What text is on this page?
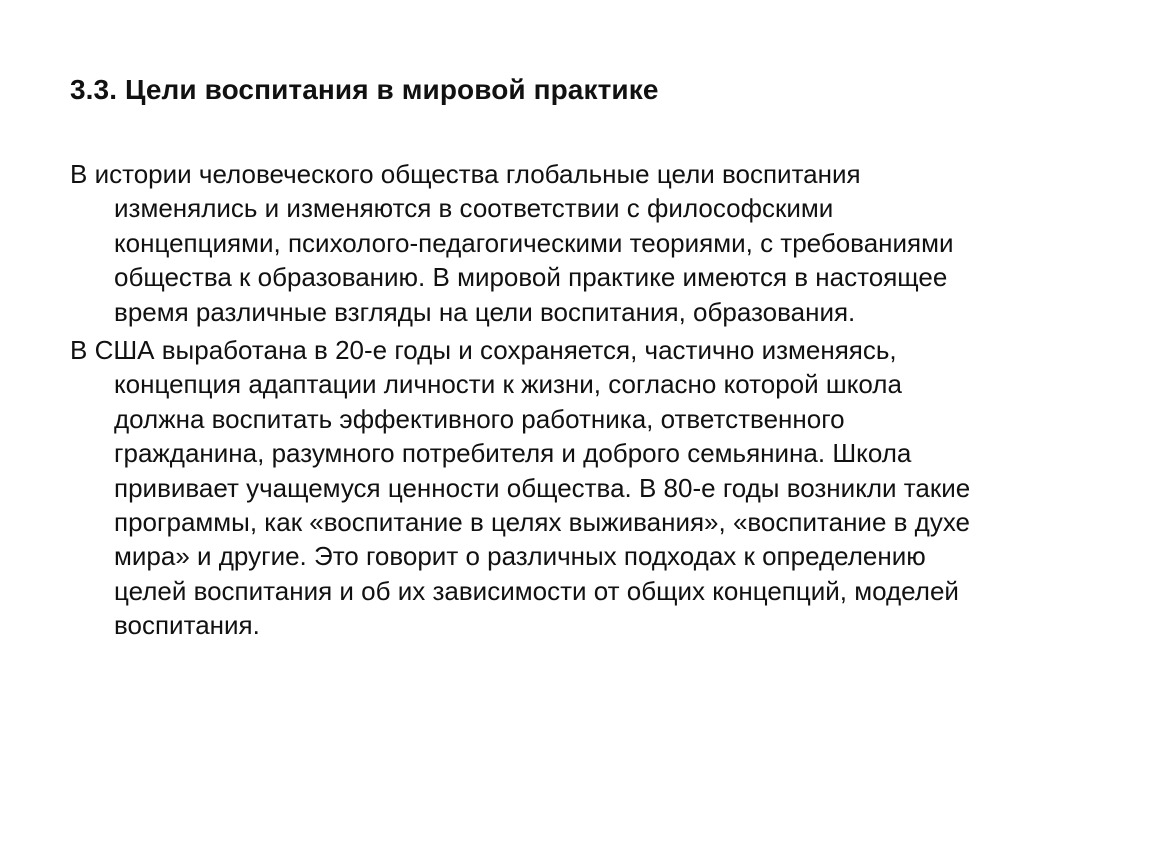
3.3. Цели воспитания в мировой практике

В истории человеческого общества глобальные цели воспитания
изменялись и изменяются в соответствии с философскими
концепциями, психолого-педагогическими теориями, с требованиями
общества к образованию. В мировой практике имеются в настоящее
время различные взгляды на цели воспитания, образования.

В США выработана в 20-е годы и сохраняется, частично изменяясь,
концепция адаптации личности к жизни, согласно которой школа
должна воспитать эффективного работника, ответственного
гражданина, разумного потребителя и доброго семьянина. Школа
прививает учащемуся ценности общества. В 80-е годы возникли такие
программы, как «воспитание в целях выживания», «воспитание в духе
мира» и другие. Это говорит о различных подходах к определению
целей воспитания и об их зависимости от общих концепций, моделей
воспитания.
